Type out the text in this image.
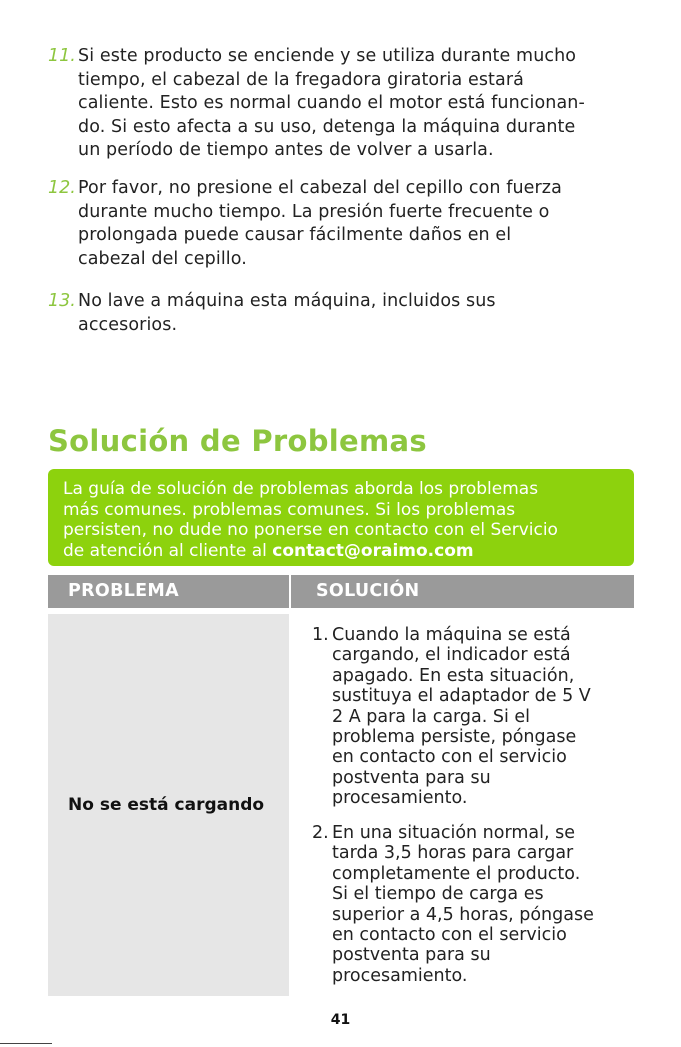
11. Si este producto se enciende y se utiliza durante mucho
tiempo, el cabezal de la fregadora giratoria estará
caliente. Esto es normal cuando el motor está funcionan-
do. Si esto afecta a su uso, detenga la máquina durante
un período de tiempo antes de volver a usarla.
12. Por favor, no presione el cabezal del cepillo con fuerza
durante mucho tiempo. La presión fuerte frecuente o
prolongada puede causar fácilmente daños en el
cabezal del cepillo.
13. No lave a máquina esta máquina, incluidos sus
accesorios.
Solución de Problemas
La guía de solución de problemas aborda los problemas
más comunes. problemas comunes. Si los problemas
persisten, no dude no ponerse en contacto con el Servicio
de atención al cliente al contact@oraimo.com
PROBLEMA	SOLUCIÓN
No se está cargando
1. Cuando la máquina se está
cargando, el indicador está
apagado. En esta situación,
sustituya el adaptador de 5 V
2 A para la carga. Si el
problema persiste, póngase
en contacto con el servicio
postventa para su
procesamiento.
2. En una situación normal, se
tarda 3,5 horas para cargar
completamente el producto.
Si el tiempo de carga es
superior a 4,5 horas, póngase
en contacto con el servicio
postventa para su
procesamiento.
41
